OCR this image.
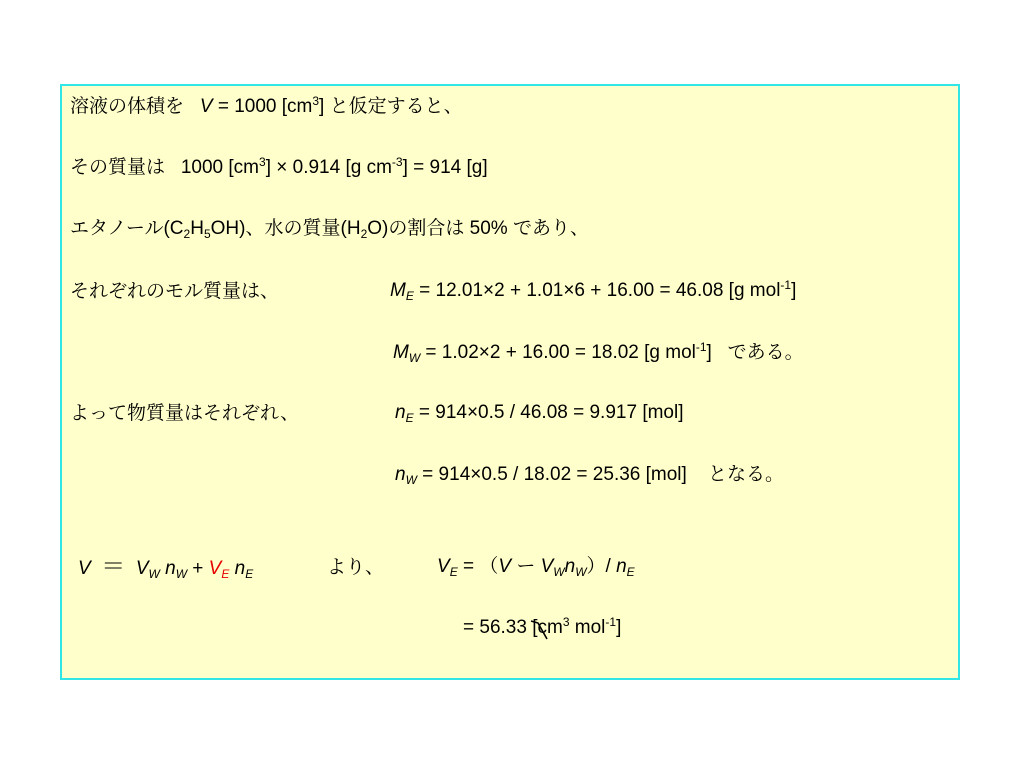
溶液の体積を V = 1000 $[cm^3]$ と仮定すると、
その質量は 1000 $[cm^3] \times 0.914$ [g $cm^{-3}] = 914$ [g]
エタノール$(C_2H_5OH)$、水の質量$(H_2O)$の割合は 50% であり、
それぞれのモル質量は、	$M_E = 12.01\times 2 + 1.01\times 6 + 16.00 = 46.08$ [g mol$^{-1}$]
$M_W = 1.02\times 2 + 16.00 = 18.02$ [g mol$^{-1}$] である。
よって物質量はそれぞれ、	$n_E = 914\times 0.5 / 46.08 = 9.917$ [mol]
$n_W = 914\times 0.5 / 18.02 = 25.36$ [mol] となる。
$V = V_W$ $n_W + V_E$ $n_E$	より、	$V_E = (V$ ー $V_Wn_W)/$ $n_E$
= 56.33 [$cm^3$ mol$^{-1}$]
